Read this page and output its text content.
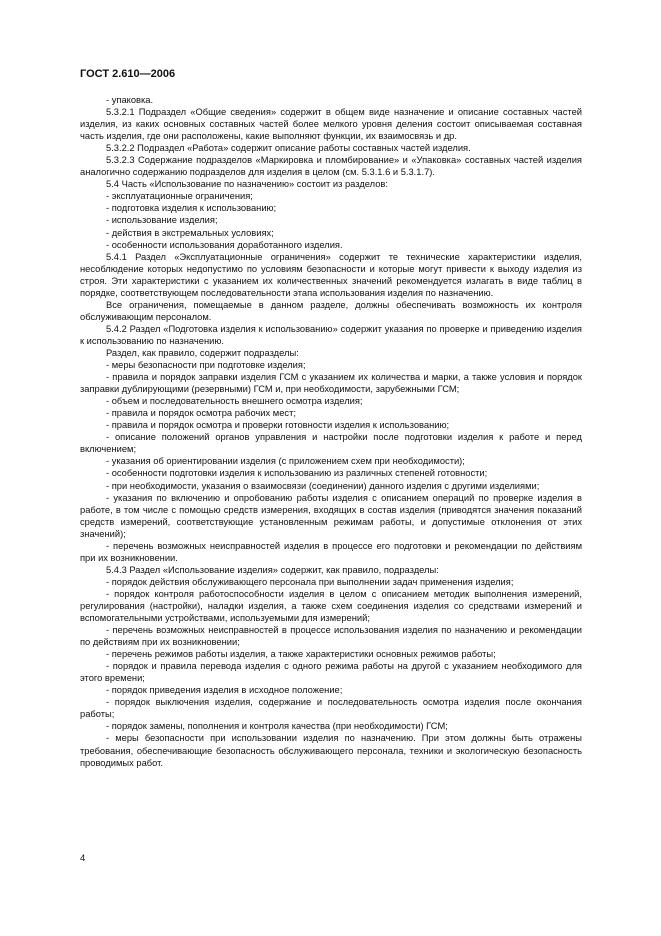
ГОСТ 2.610—2006

- упаковка.

5.3.2.1 Подраздел «Общие сведения» содержит в общем виде назначение и описание составных частей изделия, из каких основных составных частей более мелкого уровня деления состоит описываемая составная часть изделия, где они расположены, какие выполняют функции, их взаимосвязь и др.

5.3.2.2 Подраздел «Работа» содержит описание работы составных частей изделия.

5.3.2.3 Содержание подразделов «Маркировка и пломбирование» и «Упаковка» составных частей изделия аналогично содержанию подразделов для изделия в целом (см. 5.3.1.6 и 5.3.1.7).

5.4 Часть «Использование по назначению» состоит из разделов:

- эксплуатационные ограничения;

- подготовка изделия к использованию;

- использование изделия;

- действия в экстремальных условиях;

- особенности использования доработанного изделия.

5.4.1 Раздел «Эксплуатационные ограничения» содержит те технические характеристики изделия, несоблюдение которых недопустимо по условиям безопасности и которые могут привести к выходу изделия из строя. Эти характеристики с указанием их количественных значений рекомендуется излагать в виде таблиц в порядке, соответствующем последовательности этапа использования изделия по назначению.

Все ограничения, помещаемые в данном разделе, должны обеспечивать возможность их контроля обслуживающим персоналом.

5.4.2 Раздел «Подготовка изделия к использованию» содержит указания по проверке и приведению изделия к использованию по назначению.

Раздел, как правило, содержит подразделы:

- меры безопасности при подготовке изделия;

- правила и порядок заправки изделия ГСМ с указанием их количества и марки, а также условия и порядок заправки дублирующими (резервными) ГСМ и, при необходимости, зарубежными ГСМ;

- объем и последовательность внешнего осмотра изделия;

- правила и порядок осмотра рабочих мест;

- правила и порядок осмотра и проверки готовности изделия к использованию;

- описание положений органов управления и настройки после подготовки изделия к работе и перед включением;

- указания об ориентировании изделия (с приложением схем при необходимости);

- особенности подготовки изделия к использованию из различных степеней готовности;

- при необходимости, указания о взаимосвязи (соединении) данного изделия с другими изделиями;

- указания по включению и опробованию работы изделия с описанием операций по проверке изделия в работе, в том числе с помощью средств измерения, входящих в состав изделия (приводятся значения показаний средств измерений, соответствующие установленным режимам работы, и допустимые отклонения от этих значений);

- перечень возможных неисправностей изделия в процессе его подготовки и рекомендации по действиям при их возникновении.

5.4.3 Раздел «Использование изделия» содержит, как правило, подразделы:

- порядок действия обслуживающего персонала при выполнении задач применения изделия;

- порядок контроля работоспособности изделия в целом с описанием методик выполнения измерений, регулирования (настройки), наладки изделия, а также схем соединения изделия со средствами измерений и вспомогательными устройствами, используемыми для измерений;

- перечень возможных неисправностей в процессе использования изделия по назначению и рекомендации по действиям при их возникновении;

- перечень режимов работы изделия, а также характеристики основных режимов работы;

- порядок и правила перевода изделия с одного режима работы на другой с указанием необходимого для этого времени;

- порядок приведения изделия в исходное положение;

- порядок выключения изделия, содержание и последовательность осмотра изделия после окончания работы;

- порядок замены, пополнения и контроля качества (при необходимости) ГСМ;

- меры безопасности при использовании изделия по назначению. При этом должны быть отражены требования, обеспечивающие безопасность обслуживающего персонала, техники и экологическую безопасность проводимых работ.

4
